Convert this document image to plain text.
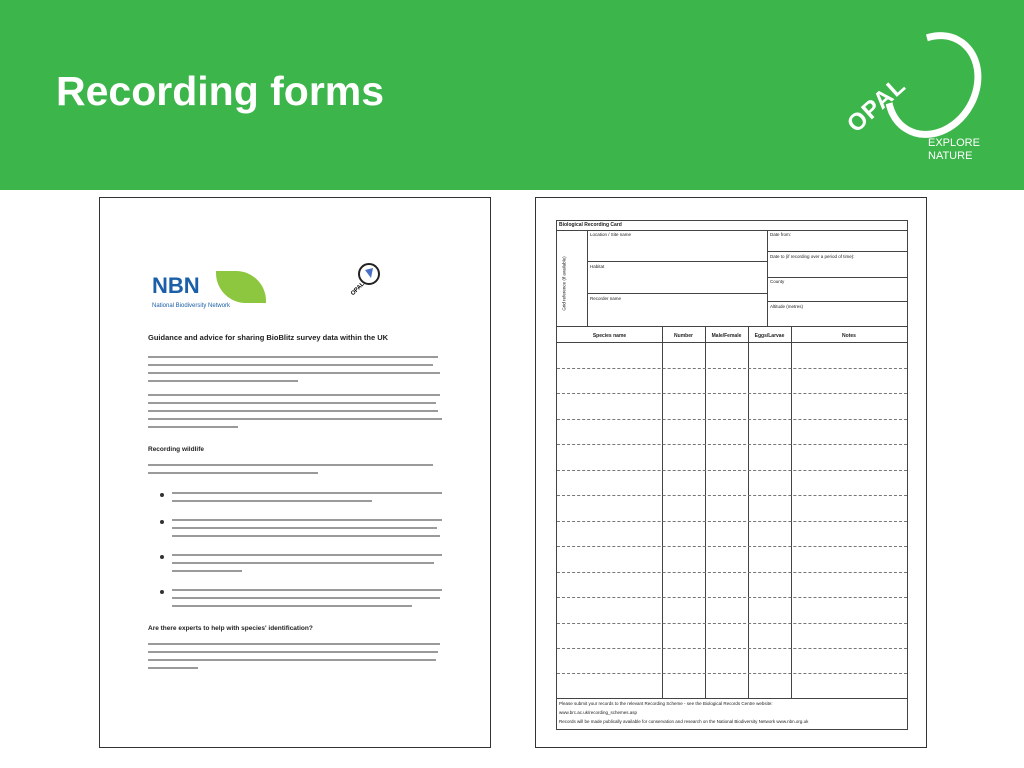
Recording forms	OPAL
EXPLORE
NATURE
NBN
National Biodiversity Network
OPAL
Guidance and advice for sharing BioBlitz survey data within the UK
Recording wildlife
Are there experts to help with species' identification?
Biological Recording Card
Grid reference (if available)
Location / Site name	Date from:
Date to (if recording over a period of time):
Habitat
County
Recorder name
Altitude (metres)
Species name	Number	Male/Female	Eggs/Larvae	Notes
Please submit your records to the relevant Recording Scheme - see the Biological Records Centre website:
www.brc.ac.uk/recording_schemes.asp
Records will be made publically available for conservation and research on the National Biodiversity Network www.nbn.org.uk
